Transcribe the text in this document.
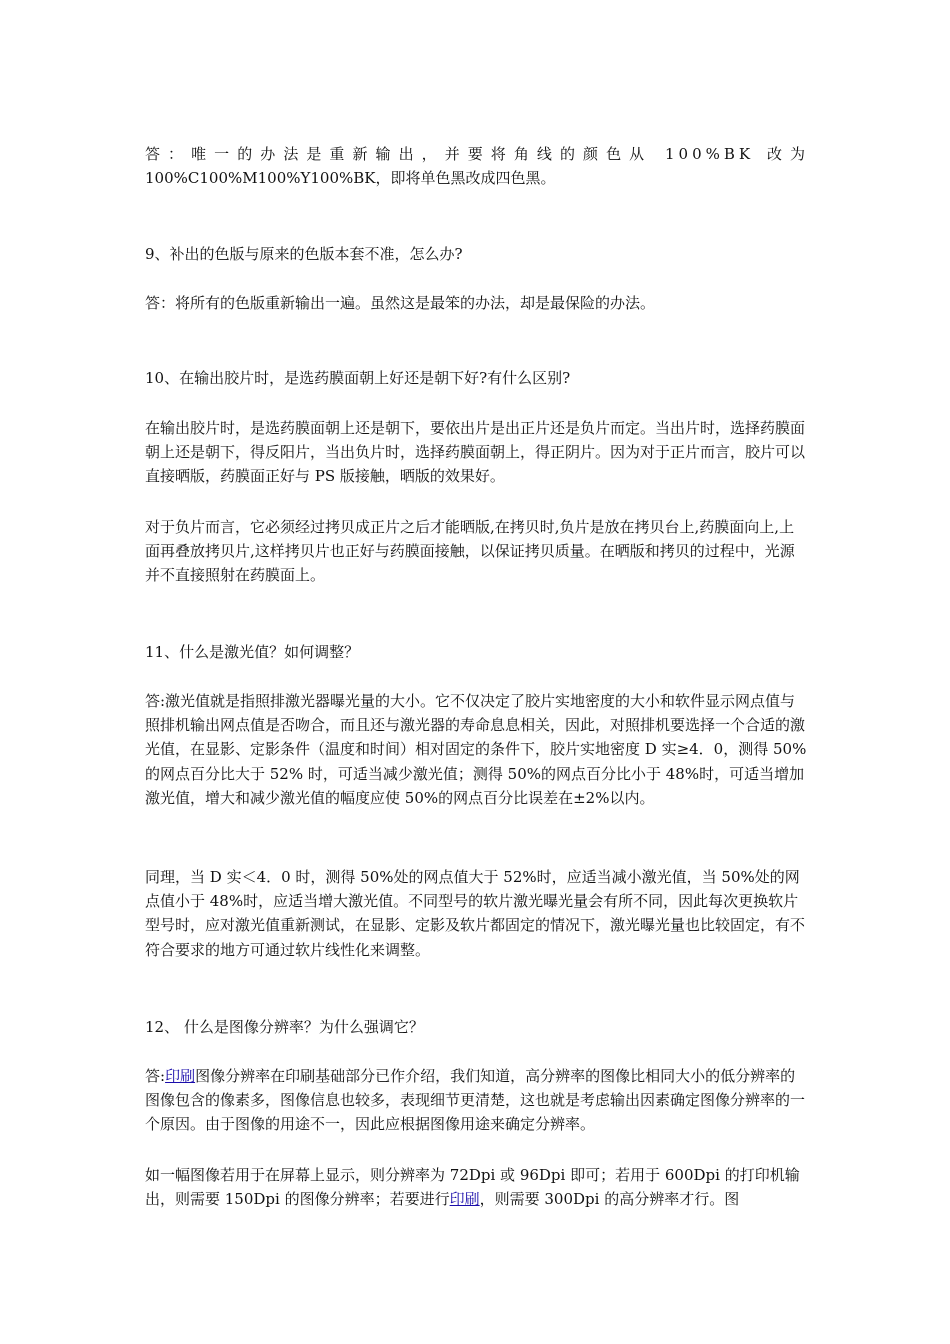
答：唯一的办法是重新输出，并要将角线的颜色从 100%BK 改为

100%C100%M100%Y100%BK，即将单色黑改成四色黑。

9、补出的色版与原来的色版本套不准，怎么办?

答：将所有的色版重新输出一遍。虽然这是最笨的办法，却是最保险的办法。

10、在输出胶片时，是选药膜面朝上好还是朝下好?有什么区别?

在输出胶片时，是选药膜面朝上还是朝下，要依出片是出正片还是负片而定。当出片时，选择药膜面朝上还是朝下，得反阳片，当出负片时，选择药膜面朝上，得正阴片。因为对于正片而言，胶片可以直接晒版，药膜面正好与 PS 版接触，晒版的效果好。

对于负片而言，它必须经过拷贝成正片之后才能晒版,在拷贝时,负片是放在拷贝台上,药膜面向上,上面再叠放拷贝片,这样拷贝片也正好与药膜面接触，以保证拷贝质量。在晒版和拷贝的过程中，光源并不直接照射在药膜面上。

11、什么是激光值？如何调整？

答:激光值就是指照排激光器曝光量的大小。它不仅决定了胶片实地密度的大小和软件显示网点值与照排机输出网点值是否吻合，而且还与激光器的寿命息息相关，因此，对照排机要选择一个合适的激光值，在显影、定影条件（温度和时间）相对固定的条件下，胶片实地密度 D 实≥4．0，测得 50%的网点百分比大于 52% 时，可适当减少激光值；测得 50%的网点百分比小于 48%时，可适当增加激光值，增大和减少激光值的幅度应使 50%的网点百分比误差在±2%以内。

同理，当 D 实＜4．0 时，测得 50%处的网点值大于 52%时，应适当减小激光值，当 50%处的网点值小于 48%时，应适当增大激光值。不同型号的软片激光曝光量会有所不同，因此每次更换软片型号时，应对激光值重新测试，在显影、定影及软片都固定的情况下，激光曝光量也比较固定，有不符合要求的地方可通过软片线性化来调整。

12、 什么是图像分辨率？为什么强调它？

答:印刷图像分辨率在印刷基础部分已作介绍，我们知道，高分辨率的图像比相同大小的低分辨率的图像包含的像素多，图像信息也较多，表现细节更清楚，这也就是考虑输出因素确定图像分辨率的一个原因。由于图像的用途不一，因此应根据图像用途来确定分辨率。

如一幅图像若用于在屏幕上显示，则分辨率为 72Dpi 或 96Dpi 即可；若用于 600Dpi 的打印机输出，则需要 150Dpi 的图像分辨率；若要进行印刷，则需要 300Dpi 的高分辨率才行。图
